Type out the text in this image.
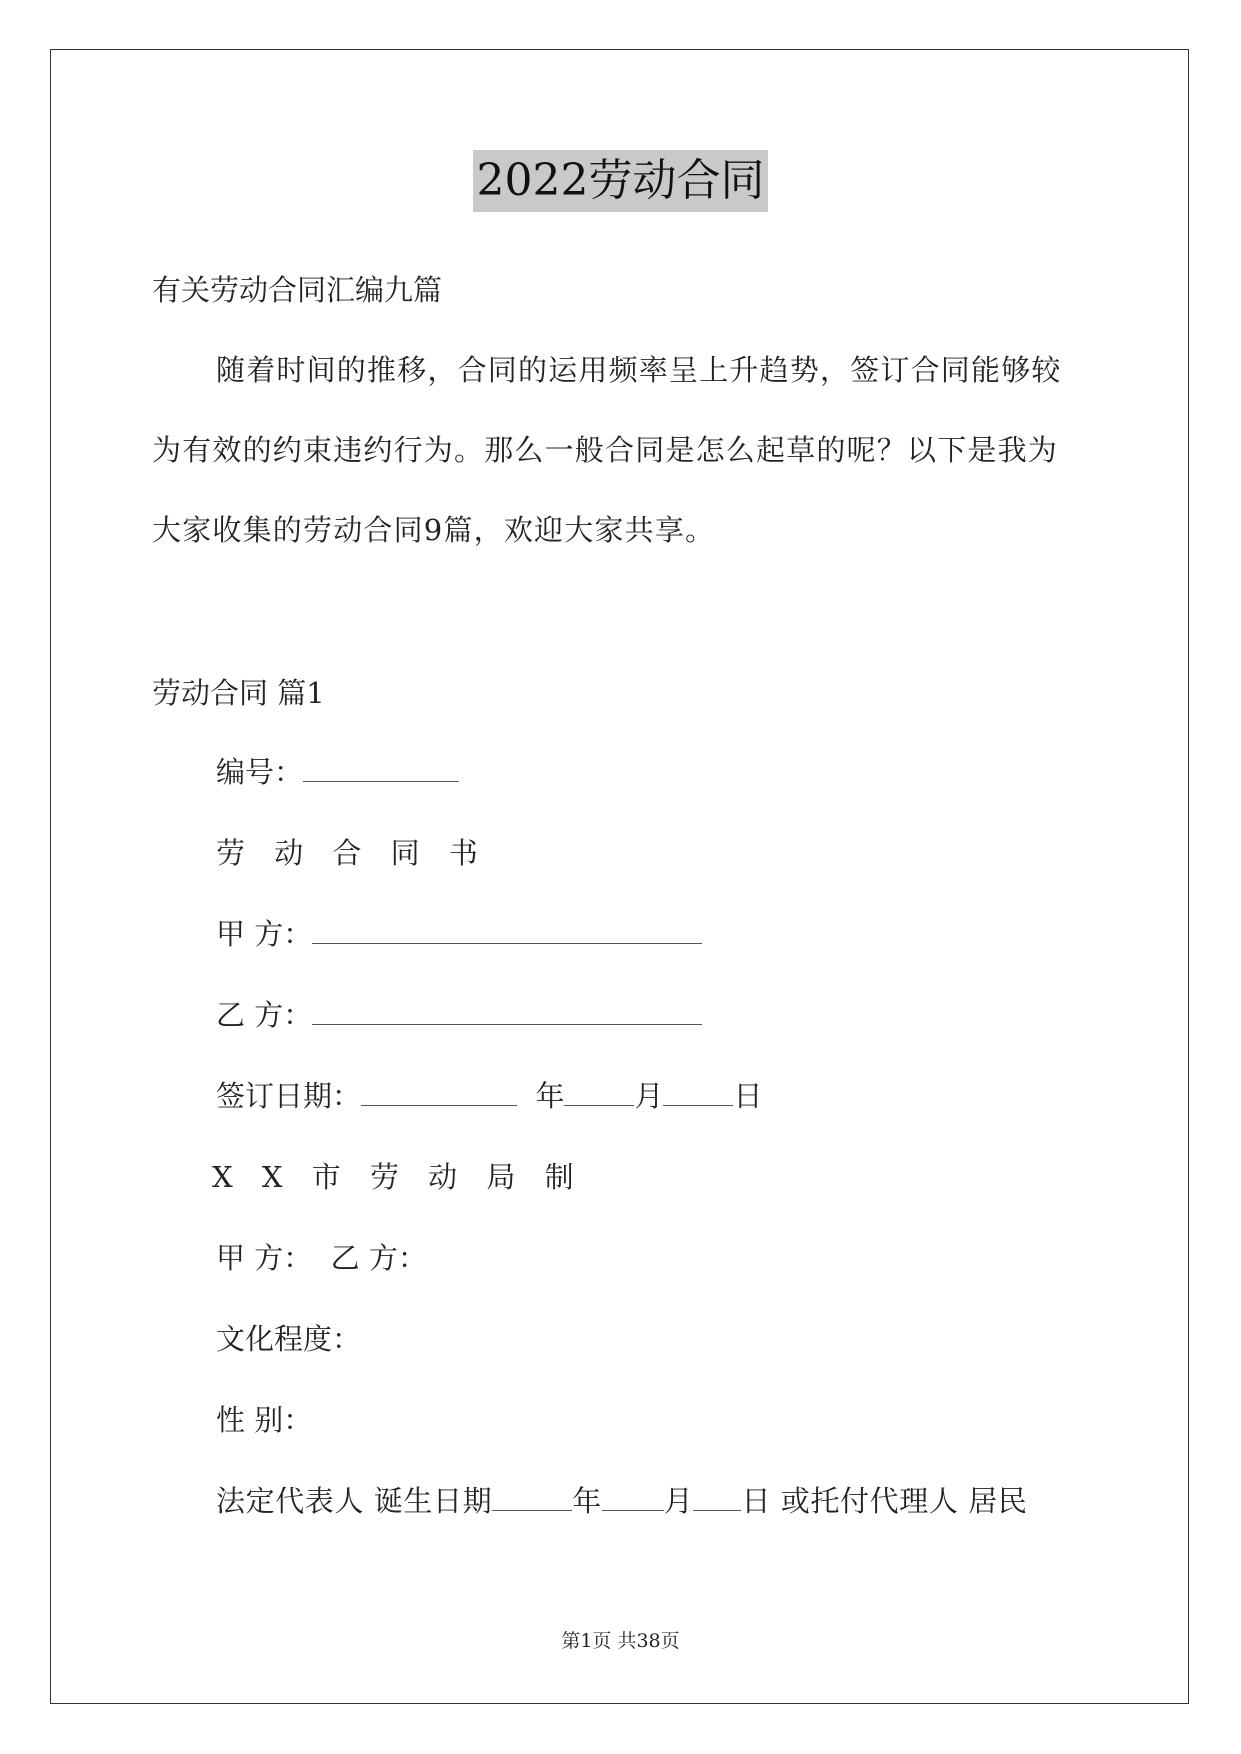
2022劳动合同
有关劳动合同汇编九篇
随着时间的推移，合同的运用频率呈上升趋势，签订合同能够较
为有效的约束违约行为。那么一般合同是怎么起草的呢？以下是我为
大家收集的劳动合同9篇，欢迎大家共享。
劳动合同 篇1
编号：
劳 动 合 同 书
甲 方：
乙 方：
签订日期：	年 月 日
X X 市 劳 动 局 制
甲 方：  乙 方：
文化程度：
性 别：
法定代表人 诞生日期	年 月 日 或托付代理人 居民
第1页 共38页
